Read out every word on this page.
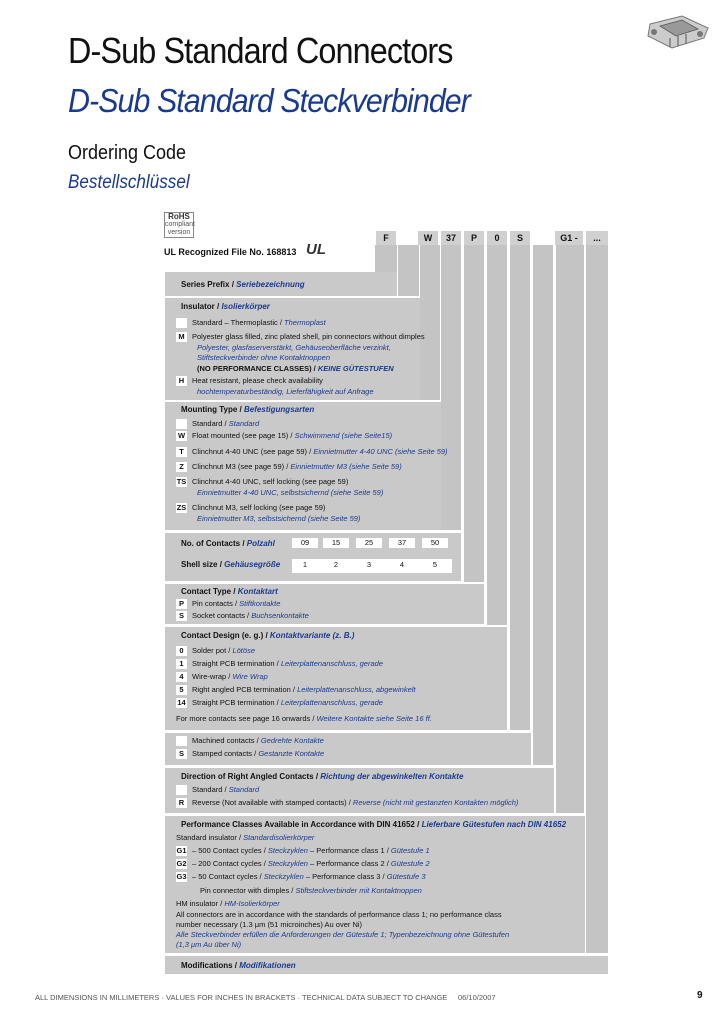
D-Sub Standard Connectors
D-Sub Standard Steckverbinder
Ordering Code
Bestellschlüssel
RoHS
compliant
version
UL Recognized File No. 168813 UL
F	W	37	P	0	S	G1 -	...
Series Prefix / Seriebezeichnung
Insulator / Isolierkörper
Standard – Thermoplastic / Thermoplast
M Polyester glass filled, zinc plated shell, pin connectors without dimples
Polyester, glasfaserverstärkt, Gehäuseoberfläche verzinkt,
Stiftsteckverbinder ohne Kontaktnoppen
(NO PERFORMANCE CLASSES) / KEINE GÜTESTUFEN
H Heat resistant, please check availability
hochtemperaturbeständig, Lieferfähigkeit auf Anfrage
Mounting Type / Befestigungsarten
Standard / Standard
W Float mounted (see page 15) / Schwimmend (siehe Seite15)
T Clinchnut 4-40 UNC (see page 59) / Einnietmutter 4-40 UNC (siehe Seite 59)
Z Clinchnut M3 (see page 59) / Einnietmutter M3 (siehe Seite 59)
TS Clinchnut 4-40 UNC, self locking (see page 59)
Einnietmutter 4-40 UNC, selbstsichernd (siehe Seite 59)
ZS Clinchnut M3, self locking (see page 59)
Einnietmutter M3, selbstsichernd (siehe Seite 59)
No. of Contacts / Polzahl	09	15	25	37	50
Shell size / Gehäusegröße	1	2	3	4	5
Contact Type / Kontaktart
P Pin contacts / Stiftkontakte
S Socket contacts / Buchsenkontakte
Contact Design (e. g.) / Kontaktvariante (z. B.)
0 Solder pot / Lötöse
1 Straight PCB termination / Leiterplattenanschluss, gerade
4 Wire-wrap / Wire Wrap
5 Right angled PCB termination / Leiterplattenanschluss, abgewinkelt
14 Straight PCB termination / Leiterplattenanschluss, gerade
For more contacts see page 16 onwards / Weitere Kontakte siehe Seite 16 ff.
Machined contacts / Gedrehte Kontakte
S Stamped contacts / Gestanzte Kontakte
Direction of Right Angled Contacts / Richtung der abgewinkelten Kontakte
Standard / Standard
R Reverse (Not available with stamped contacts) / Reverse (nicht mit gestanzten Kontakten möglich)
Performance Classes Available in Accordance with DIN 41652 / Lieferbare Gütestufen nach DIN 41652
Standard insulator / Standardisolierkörper
G1 – 500 Contact cycles / Steckzyklen – Performance class 1 / Gütestufe 1
G2 – 200 Contact cycles / Steckzyklen – Performance class 2 / Gütestufe 2
G3 – 50 Contact cycles / Steckzyklen – Performance class 3 / Gütestufe 3
Pin connector with dimples / Stiftsteckverbinder mit Kontaktnoppen
HM insulator / HM-Isolierkörper
All connectors are in accordance with the standards of performance class 1; no performance class
number necessary (1.3 μm (51 microinches) Au over Ni)
Alle Steckverbinder erfüllen die Anforderungen der Gütestufe 1; Typenbezeichnung ohne Gütestufen
(1,3 μm Au über Ni)
Modifications / Modifikationen
ALL DIMENSIONS IN MILLIMETERS · VALUES FOR INCHES IN BRACKETS · TECHNICAL DATA SUBJECT TO CHANGE 06/10/2007	9
